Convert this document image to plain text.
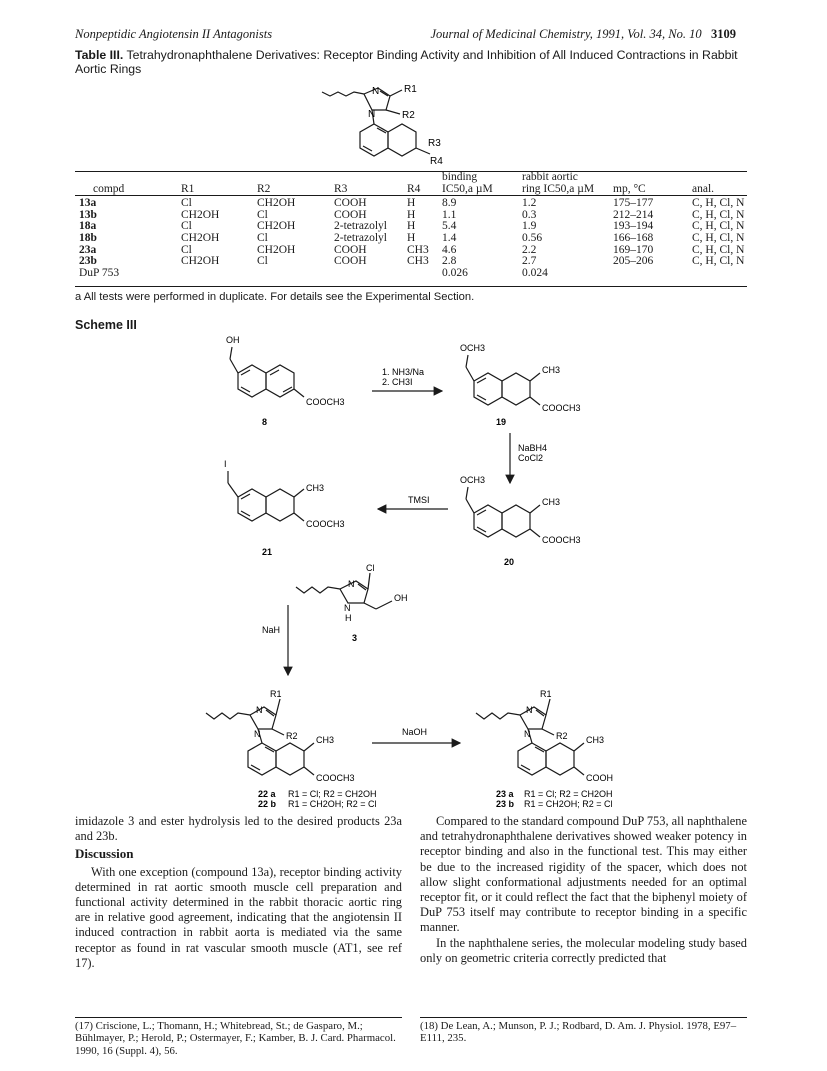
Nonpeptidic Angiotensin II Antagonists	Journal of Medicinal Chemistry, 1991, Vol. 34, No. 10 3109
Table III. Tetrahydronaphthalene Derivatives: Receptor Binding Activity and Inhibition of All Induced Contractions in Rabbit Aortic Rings
N
N
R1
R2
R3
R4
					binding	rabbit aortic		
compd	R1	R2	R3	R4	IC50,a µM	ring IC50,a µM	mp, °C	anal.

13a	Cl	CH2OH	COOH	H	8.9	1.2	175–177	C, H, Cl, N
13b	CH2OH	Cl	COOH	H	1.1	0.3	212–214	C, H, Cl, N
18a	Cl	CH2OH	2-tetrazolyl	H	5.4	1.9	193–194	C, H, Cl, N
18b	CH2OH	Cl	2-tetrazolyl	H	1.4	0.56	166–168	C, H, Cl, N
23a	Cl	CH2OH	COOH	CH3	4.6	2.2	169–170	C, H, Cl, N
23b	CH2OH	Cl	COOH	CH3	2.8	2.7	205–206	C, H, Cl, N
DuP 753					0.026	0.024		
a All tests were performed in duplicate. For details see the Experimental Section.
Scheme III
OH
COOCH3
8
1. NH3/Na
2. CH3I
OCH3
CH3
COOCH3
19
NaBH4
CoCl2
OCH3
CH3
COOCH3
20
TMSI
I
CH3
COOCH3
21
NaH
Cl
OH
N
N
H
3
R1
R2
N
N
CH3
COOCH3
22 a
22 b
R1 = Cl; R2 = CH2OH
R1 = CH2OH; R2 = Cl
NaOH
R1
R2
N
N
CH3
COOH
23 a
23 b
R1 = Cl; R2 = CH2OH
R1 = CH2OH; R2 = Cl

imidazole 3 and ester hydrolysis led to the desired products 23a and 23b.

Discussion

With one exception (compound 13a), receptor binding activity determined in rat aortic smooth muscle cell preparation and functional activity determined in the rabbit thoracic aortic ring are in relative good agreement, indicating that the angiotensin II induced contraction in rabbit aorta is mediated via the same receptor as found in rat vascular smooth muscle (AT1, see ref 17).

Compared to the standard compound DuP 753, all naphthalene and tetrahydronaphthalene derivatives showed weaker potency in receptor binding and also in the functional test. This may either be due to the increased rigidity of the spacer, which does not allow slight conformational adjustments needed for an optimal receptor fit, or it could reflect the fact that the biphenyl moiety of DuP 753 itself may contribute to receptor binding in a specific manner.

In the naphthalene series, the molecular modeling study based only on geometric criteria correctly predicted that

(17) Criscione, L.; Thomann, H.; Whitebread, St.; de Gasparo, M.; Bühlmayer, P.; Herold, P.; Ostermayer, F.; Kamber, B. J. Card. Pharmacol. 1990, 16 (Suppl. 4), 56.
(18) De Lean, A.; Munson, P. J.; Rodbard, D. Am. J. Physiol. 1978, E97–E111, 235.
